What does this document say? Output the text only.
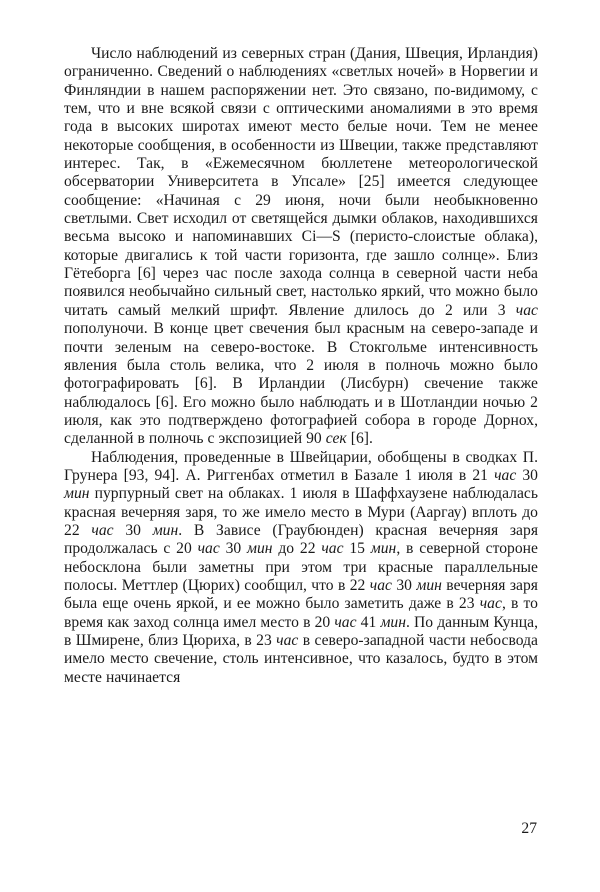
Число наблюдений из северных стран (Дания, Швеция, Ирландия) ограниченно. Сведений о наблюдениях «светлых ночей» в Норвегии и Финляндии в нашем распоряжении нет. Это связано, по-видимому, с тем, что и вне всякой связи с оптическими аномалиями в это время года в высоких широтах имеют место белые ночи. Тем не менее некоторые сообщения, в особенности из Швеции, также представляют интерес. Так, в «Ежемесячном бюллетене метеорологической обсерватории Университета в Упсале» [25] имеется следующее сообщение: «Начиная с 29 июня, ночи были необыкновенно светлыми. Свет исходил от светящейся дымки облаков, находившихся весьма высоко и напоминавших Ci—S (перисто-слоистые облака), которые двигались к той части горизонта, где зашло солнце». Близ Гётеборга [6] через час после захода солнца в северной части неба появился необычайно сильный свет, настолько яркий, что можно было читать самый мелкий шрифт. Явление длилось до 2 или 3 час пополуночи. В конце цвет свечения был красным на северо-западе и почти зеленым на северо-востоке. В Стокгольме интенсивность явления была столь велика, что 2 июля в полночь можно было фотографировать [6]. В Ирландии (Лисбурн) свечение также наблюдалось [6]. Его можно было наблюдать и в Шотландии ночью 2 июля, как это подтверждено фотографией собора в городе Дорнох, сделанной в полночь с экспозицией 90 сек [6].

Наблюдения, проведенные в Швейцарии, обобщены в сводках П. Грунера [93, 94]. А. Риггенбах отметил в Базале 1 июля в 21 час 30 мин пурпурный свет на облаках. 1 июля в Шаффхаузене наблюдалась красная вечерняя заря, то же имело место в Мури (Ааргау) вплоть до 22 час 30 мин. В Зависе (Граубюнден) красная вечерняя заря продолжалась с 20 час 30 мин до 22 час 15 мин, в северной стороне небосклона были заметны при этом три красные параллельные полосы. Меттлер (Цюрих) сообщил, что в 22 час 30 мин вечерняя заря была еще очень яркой, и ее можно было заметить даже в 23 час, в то время как заход солнца имел место в 20 час 41 мин. По данным Кунца, в Шмирене, близ Цюриха, в 23 час в северо-западной части небосвода имело место свечение, столь интенсивное, что казалось, будто в этом месте начинается

27
